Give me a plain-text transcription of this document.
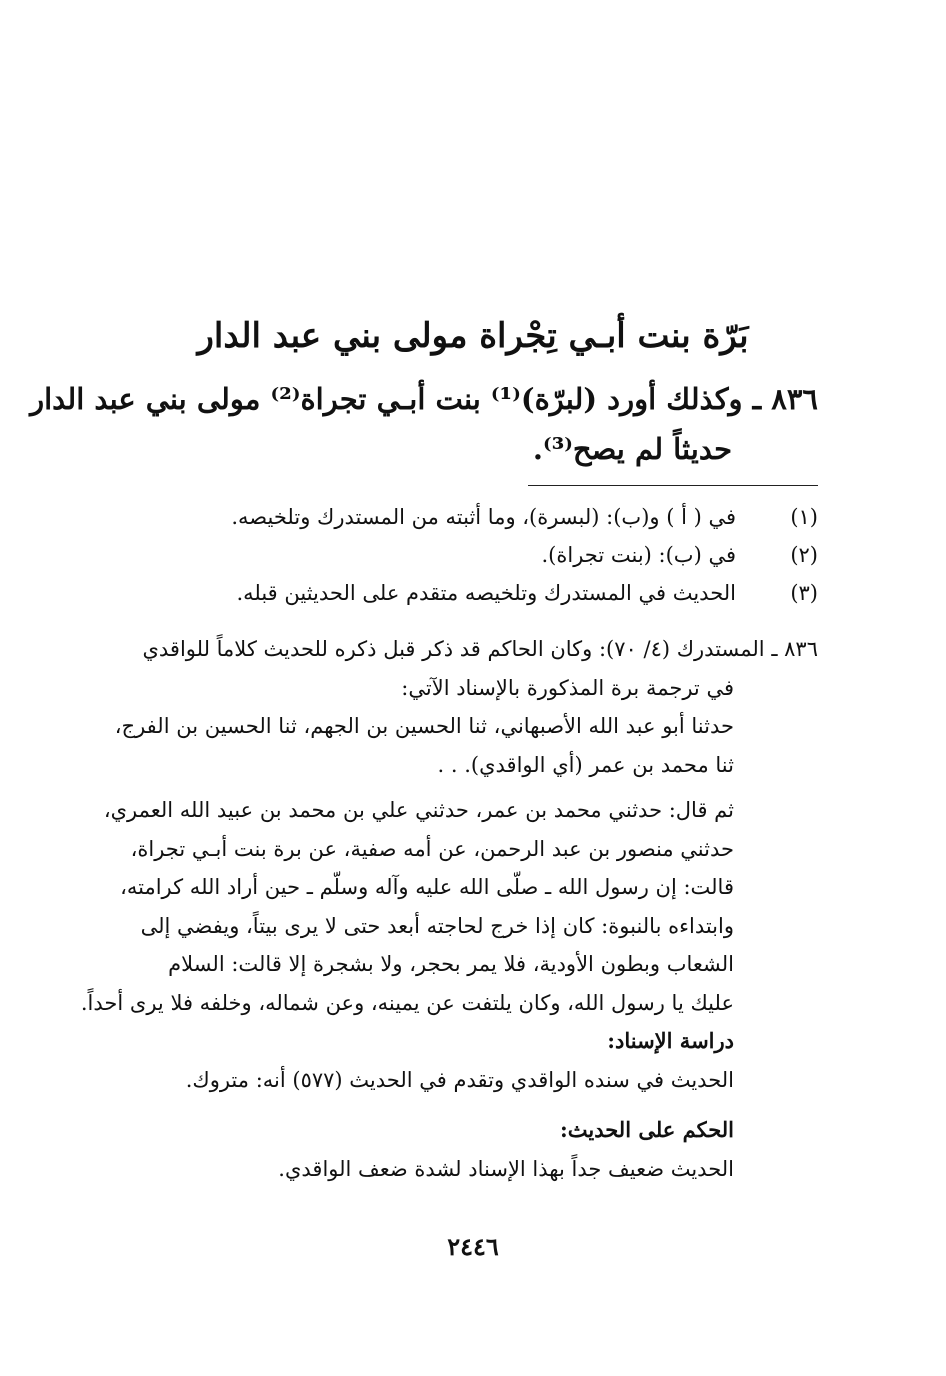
بَرّة بنت أبـي تِجْراة مولى بني عبد الدار
٨٣٦ ـ وكذلك أورد (لبرّة)⁽¹⁾ بنت أبـي تجراة⁽²⁾ مولى بني عبد الدار
حديثاً لم يصح⁽³⁾.
(١)في ( أ ) و(ب): (لبسرة)، وما أثبته من المستدرك وتلخيصه.
(٢)في (ب): (بنت تجراة).
(٣)الحديث في المستدرك وتلخيصه متقدم على الحديثين قبله.
٨٣٦ ـ المستدرك (٤/ ٧٠): وكان الحاكم قد ذكر قبل ذكره للحديث كلاماً للواقدي
في ترجمة برة المذكورة بالإسناد الآتي:
حدثنا أبو عبد الله الأصبهاني، ثنا الحسين بن الجهم، ثنا الحسين بن الفرج،
ثنا محمد بن عمر (أي الواقدي). . .
ثم قال: حدثني محمد بن عمر، حدثني علي بن محمد بن عبيد الله العمري،
حدثني منصور بن عبد الرحمن، عن أمه صفية، عن برة بنت أبـي تجراة،
قالت: إن رسول الله ـ صلّى الله عليه وآله وسلّم ـ حين أراد الله كرامته،
وابتداءه بالنبوة: كان إذا خرج لحاجته أبعد حتى لا يرى بيتاً، ويفضي إلى
الشعاب وبطون الأودية، فلا يمر بحجر، ولا بشجرة إلا قالت: السلام
عليك يا رسول الله، وكان يلتفت عن يمينه، وعن شماله، وخلفه فلا يرى أحداً.
دراسة الإسناد:
الحديث في سنده الواقدي وتقدم في الحديث (٥٧٧) أنه: متروك.
الحكم على الحديث:
الحديث ضعيف جداً بهذا الإسناد لشدة ضعف الواقدي.
٢٤٤٦
